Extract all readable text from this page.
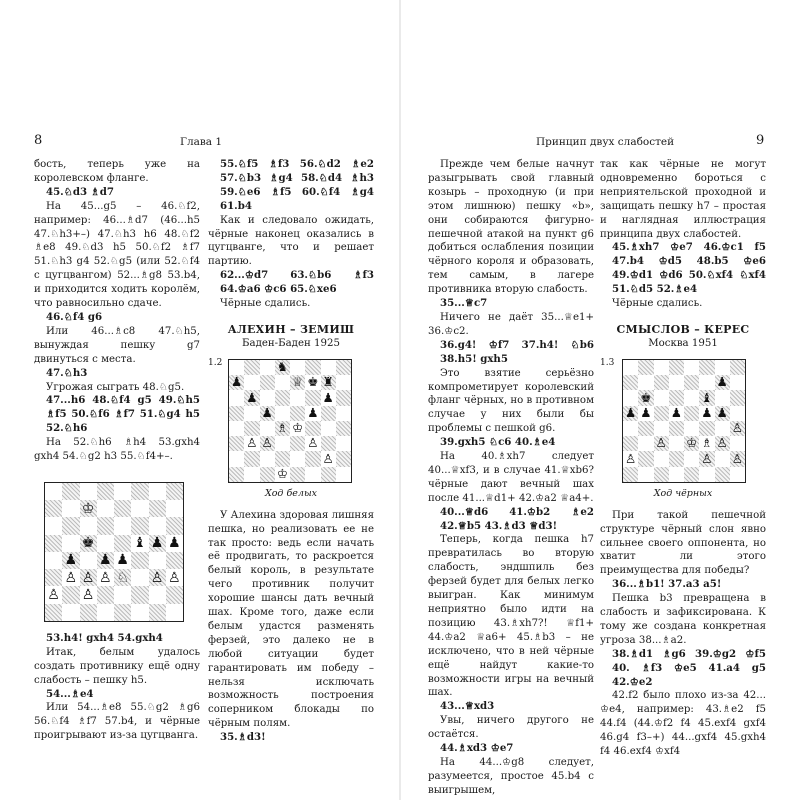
8	Глава 1	Принцип двух слабостей	9

бость, теперь уже на королевском фланге.

45.♘d3 ♗d7

На 45...g5 – 46.♘f2, например: 46...♗d7 (46...h5 47.♘h3+–) 47.♘h3 h6 48.♘f2 ♗e8 49.♘d3 h5 50.♘f2 ♗f7 51.♘h3 g4 52.♘g5 (или 52.♘f4 с цугцвангом) 52...♗g8 53.b4, и приходится ходить королём, что равносильно сдаче.

46.♘f4 g6

Или 46...♗c8 47.♘h5, вынуждая пешку g7 двинуться с места.

47.♘h3

Угрожая сыграть 48.♘g5.

47...h6 48.♘f4 g5 49.♘h5 ♗f5 50.♘f6 ♗f7 51.♘g4 h5 52.♘h6

На 52.♘h6 ♗h4 53.gxh4 gxh4 54.♘g2 h3 55.♘f4+–.

♔
♚	♝ ♟ ♟
♟ ♟ ♟
♙ ♙ ♙ ♘ ♙ ♙
♙ ♙

53.h4! gxh4 54.gxh4

Итак, белым удалось создать противнику ещё одну слабость – пешку h5.

54...♗e4

Или 54...♗e8 55.♘g2 ♗g6 56.♘f4 ♗f7 57.b4, и чёрные проигрывают из-за цугцванга.

55.♘f5 ♗f3 56.♘d2 ♗e2 57.♘b3 ♗g4 58.♘d4 ♗h3 59.♘e6 ♗f5 60.♘f4 ♗g4 61.b4

Как и следовало ожидать, чёрные наконец оказались в цугцванге, что и решает партию.

62...♔d7 63.♘b6 ♗f3 64.♔a6 ♔c6 65.♘xe6

Чёрные сдались.

АЛЕХИН – ЗЕМИШ
Баден-Баден 1925
1.2	♞
♟	♕ ♚ ♜
♟	♟
♟	♟
♗ ♔
♙ ♙	♙
♙
♔
Ход белых

У Алехина здоровая лишняя пешка, но реализовать ее не так просто: ведь если начать её продвигать, то раскроется белый король, в результате чего противник получит хорошие шансы дать вечный шах. Кроме того, даже если белым удастся разменять ферзей, это далеко не в любой ситуации будет гарантировать им победу – нельзя исключать возможность построения соперником блокады по чёрным полям.

35.♗d3!

Прежде чем белые начнут разыгрывать свой главный козырь – проходную (и при этом лишнюю) пешку «b», они собираются фигурно-пешечной атакой на пункт g6 добиться ослабления позиции чёрного короля и образовать, тем самым, в лагере противника вторую слабость.

35...♕c7

Ничего не даёт 35...♕e1+ 36.♔c2.

36.g4! ♔f7 37.h4! ♘b6 38.h5! gxh5

Это взятие серьёзно компрометирует королевский фланг чёрных, но в противном случае у них были бы проблемы с пешкой g6.

39.gxh5 ♘c6 40.♗e4

На 40.♗xh7 следует 40...♕xf3, и в случае 41.♕xb6? чёрные дают вечный шах после 41...♕d1+ 42.♔a2 ♕a4+.

40...♕d6 41.♔b2 ♗e2 42.♕b5 43.♗d3 ♕d3!

Теперь, когда пешка h7 превратилась во вторую слабость, эндшпиль без ферзей будет для белых легко выигран. Как минимум неприятно было идти на позицию 43.♗xh7?! ♕f1+ 44.♔a2 ♕a6+ 45.♗b3 – не исключено, что в ней чёрные ещё найдут какие-то возможности игры на вечный шах.

43...♕xd3

Увы, ничего другого не остаётся.

44.♗xd3 ♔e7

На 44...♔g8 следует, разумеется, простое 45.b4 с выигрышем,

так как чёрные не могут одновременно бороться с неприятельской проходной и защищать пешку h7 – простая и наглядная иллюстрация принципа двух слабостей.

45.♗xh7 ♔e7 46.♔c1 f5 47.b4 ♔d5 48.b5 ♔e6 49.♔d1 ♔d6 50.♘xf4 ♘xf4 51.♘d5 52.♗e4

Чёрные сдались.

СМЫСЛОВ – КЕРЕС
Москва 1951
1.3
♟
♚	♝
♟ ♟ ♟ ♟ ♟
♙
♙ ♔ ♗ ♙
♙	♙ ♙
Ход чёрных

При такой пешечной структуре чёрный слон явно сильнее своего оппонента, но хватит ли этого преимущества для победы?

36...♗b1! 37.a3 a5!

Пешка b3 превращена в слабость и зафиксирована. К тому же создана конкретная угроза 38...♗a2.

38.♗d1 ♗g6 39.♔g2 ♔f5 40. ♗f3 ♔e5 41.a4 g5 42.♔e2

42.f2 было плохо из-за 42... ♔e4, например: 43.♗e2 f5 44.f4 (44.♔f2 f4 45.exf4 gxf4 46.g4 f3–+) 44...gxf4 45.gxh4 f4 46.exf4 ♔xf4
